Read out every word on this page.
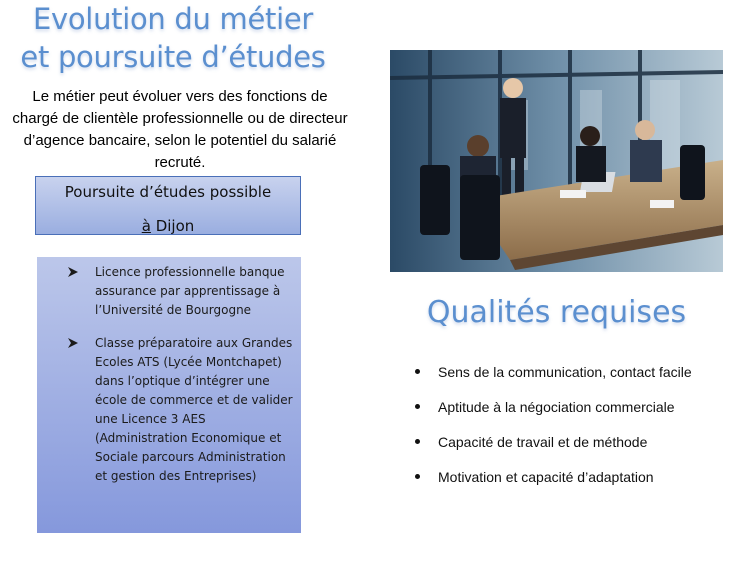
Evolution du métier
et poursuite d’études
Le métier peut évoluer vers des fonctions de chargé de clientèle professionnelle ou de directeur d’agence bancaire, selon le potentiel du salarié recruté.
Poursuite d’études possible
à Dijon
Licence professionnelle banque assurance par apprentissage à l’Université de Bourgogne
Classe préparatoire aux Grandes Ecoles ATS (Lycée Montchapet) dans l’optique d’intégrer une école de commerce et de valider une Licence 3 AES (Administration Economique et Sociale parcours Administration et gestion des Entreprises)
Qualités requises
Sens de la communication, contact facile
Aptitude à la négociation commerciale
Capacité de travail et de méthode
Motivation et capacité d’adaptation
